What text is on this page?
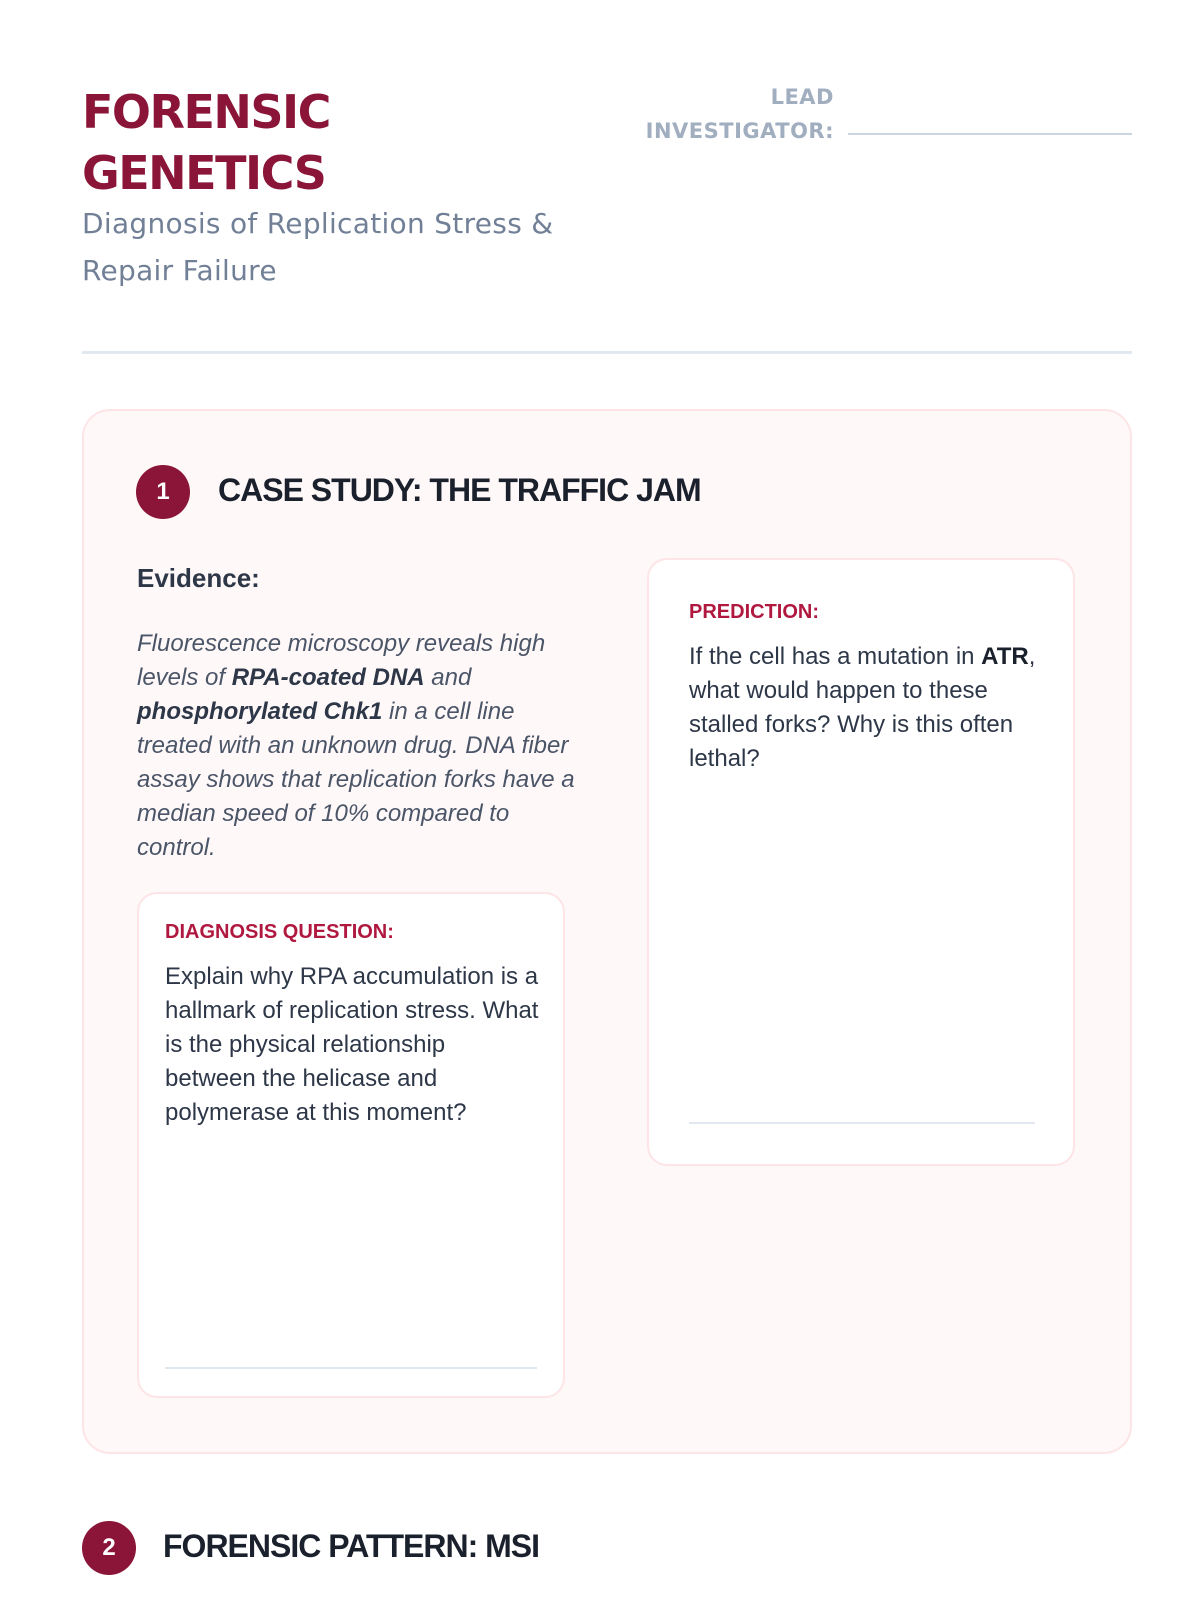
FORENSIC
GENETICS
Diagnosis of Replication Stress & Repair Failure
LEAD
INVESTIGATOR:
1	CASE STUDY: THE TRAFFIC JAM
Evidence:
Fluorescence microscopy reveals high levels of RPA-coated DNA and phosphorylated Chk1 in a cell line treated with an unknown drug. DNA fiber assay shows that replication forks have a median speed of 10% compared to control.
DIAGNOSIS QUESTION:
Explain why RPA accumulation is a hallmark of replication stress. What is the physical relationship between the helicase and polymerase at this moment?
PREDICTION:
If the cell has a mutation in ATR, what would happen to these stalled forks? Why is this often lethal?
2	FORENSIC PATTERN: MSI
